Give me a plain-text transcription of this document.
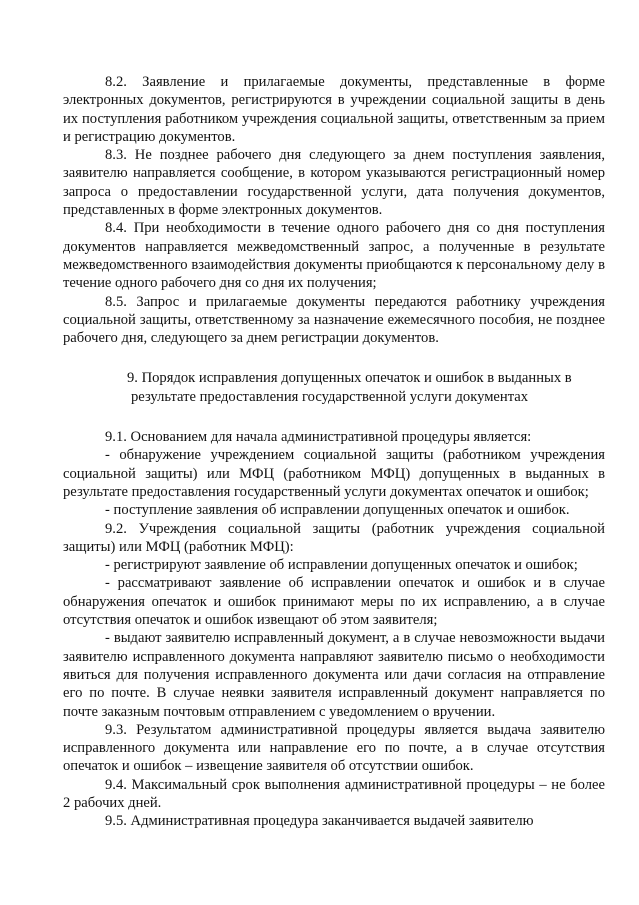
8.2. Заявление и прилагаемые документы, представленные в форме электронных документов, регистрируются в учреждении социальной защиты в день их поступления работником учреждения социальной защиты, ответственным за прием и регистрацию документов.

8.3. Не позднее рабочего дня следующего за днем поступления заявления, заявителю направляется сообщение, в котором указываются регистрационный номер запроса о предоставлении государственной услуги, дата получения документов, представленных в форме электронных документов.

8.4. При необходимости в течение одного рабочего дня со дня поступления документов направляется межведомственный запрос, а полученные в результате межведомственного взаимодействия документы приобщаются к персональному делу в течение одного рабочего дня со дня их получения;

8.5. Запрос и прилагаемые документы передаются работнику учреждения социальной защиты, ответственному за назначение ежемесячного пособия, не позднее рабочего дня, следующего за днем регистрации документов.

9. Порядок исправления допущенных опечаток и ошибок в выданных в
результате предоставления государственной услуги документах

9.1. Основанием для начала административной процедуры является:

- обнаружение учреждением социальной защиты (работником учреждения социальной защиты) или МФЦ (работником МФЦ) допущенных в выданных в результате предоставления государственный услуги документах опечаток и ошибок;

- поступление заявления об исправлении допущенных опечаток и ошибок.

9.2. Учреждения социальной защиты (работник учреждения социальной защиты) или МФЦ (работник МФЦ):

- регистрируют заявление об исправлении допущенных опечаток и ошибок;

- рассматривают заявление об исправлении опечаток и ошибок и в случае обнаружения опечаток и ошибок принимают меры по их исправлению, а в случае отсутствия опечаток и ошибок извещают об этом заявителя;

- выдают заявителю исправленный документ, а в случае невозможности выдачи заявителю исправленного документа направляют заявителю письмо о необходимости явиться для получения исправленного документа или дачи согласия на отправление его по почте. В случае неявки заявителя исправленный документ направляется по почте заказным почтовым отправлением с уведомлением о вручении.

9.3. Результатом административной процедуры является выдача заявителю исправленного документа или направление его по почте, а в случае отсутствия опечаток и ошибок – извещение заявителя об отсутствии ошибок.

9.4. Максимальный срок выполнения административной процедуры – не более 2 рабочих дней.

9.5. Административная процедура заканчивается выдачей заявителю
